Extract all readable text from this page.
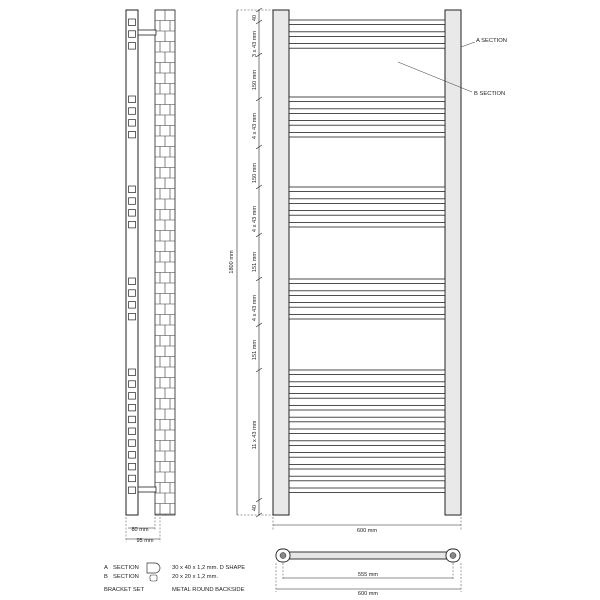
80 mm
95 mm
A SECTION
B SECTION
1800 mm
40
3 x 43 mm
150 mm
4 x 43 mm
150 mm
4 x 43 mm
151 mm
4 x 43 mm
151 mm
11 x 43 mm
40
600 mm
555 mm
600 mm
A SECTION	30 x 40 x 1,2 mm. D SHAPE
B SECTION	20 x 20 x 1,2 mm.
BRACKET SET	METAL ROUND BACKSIDE
